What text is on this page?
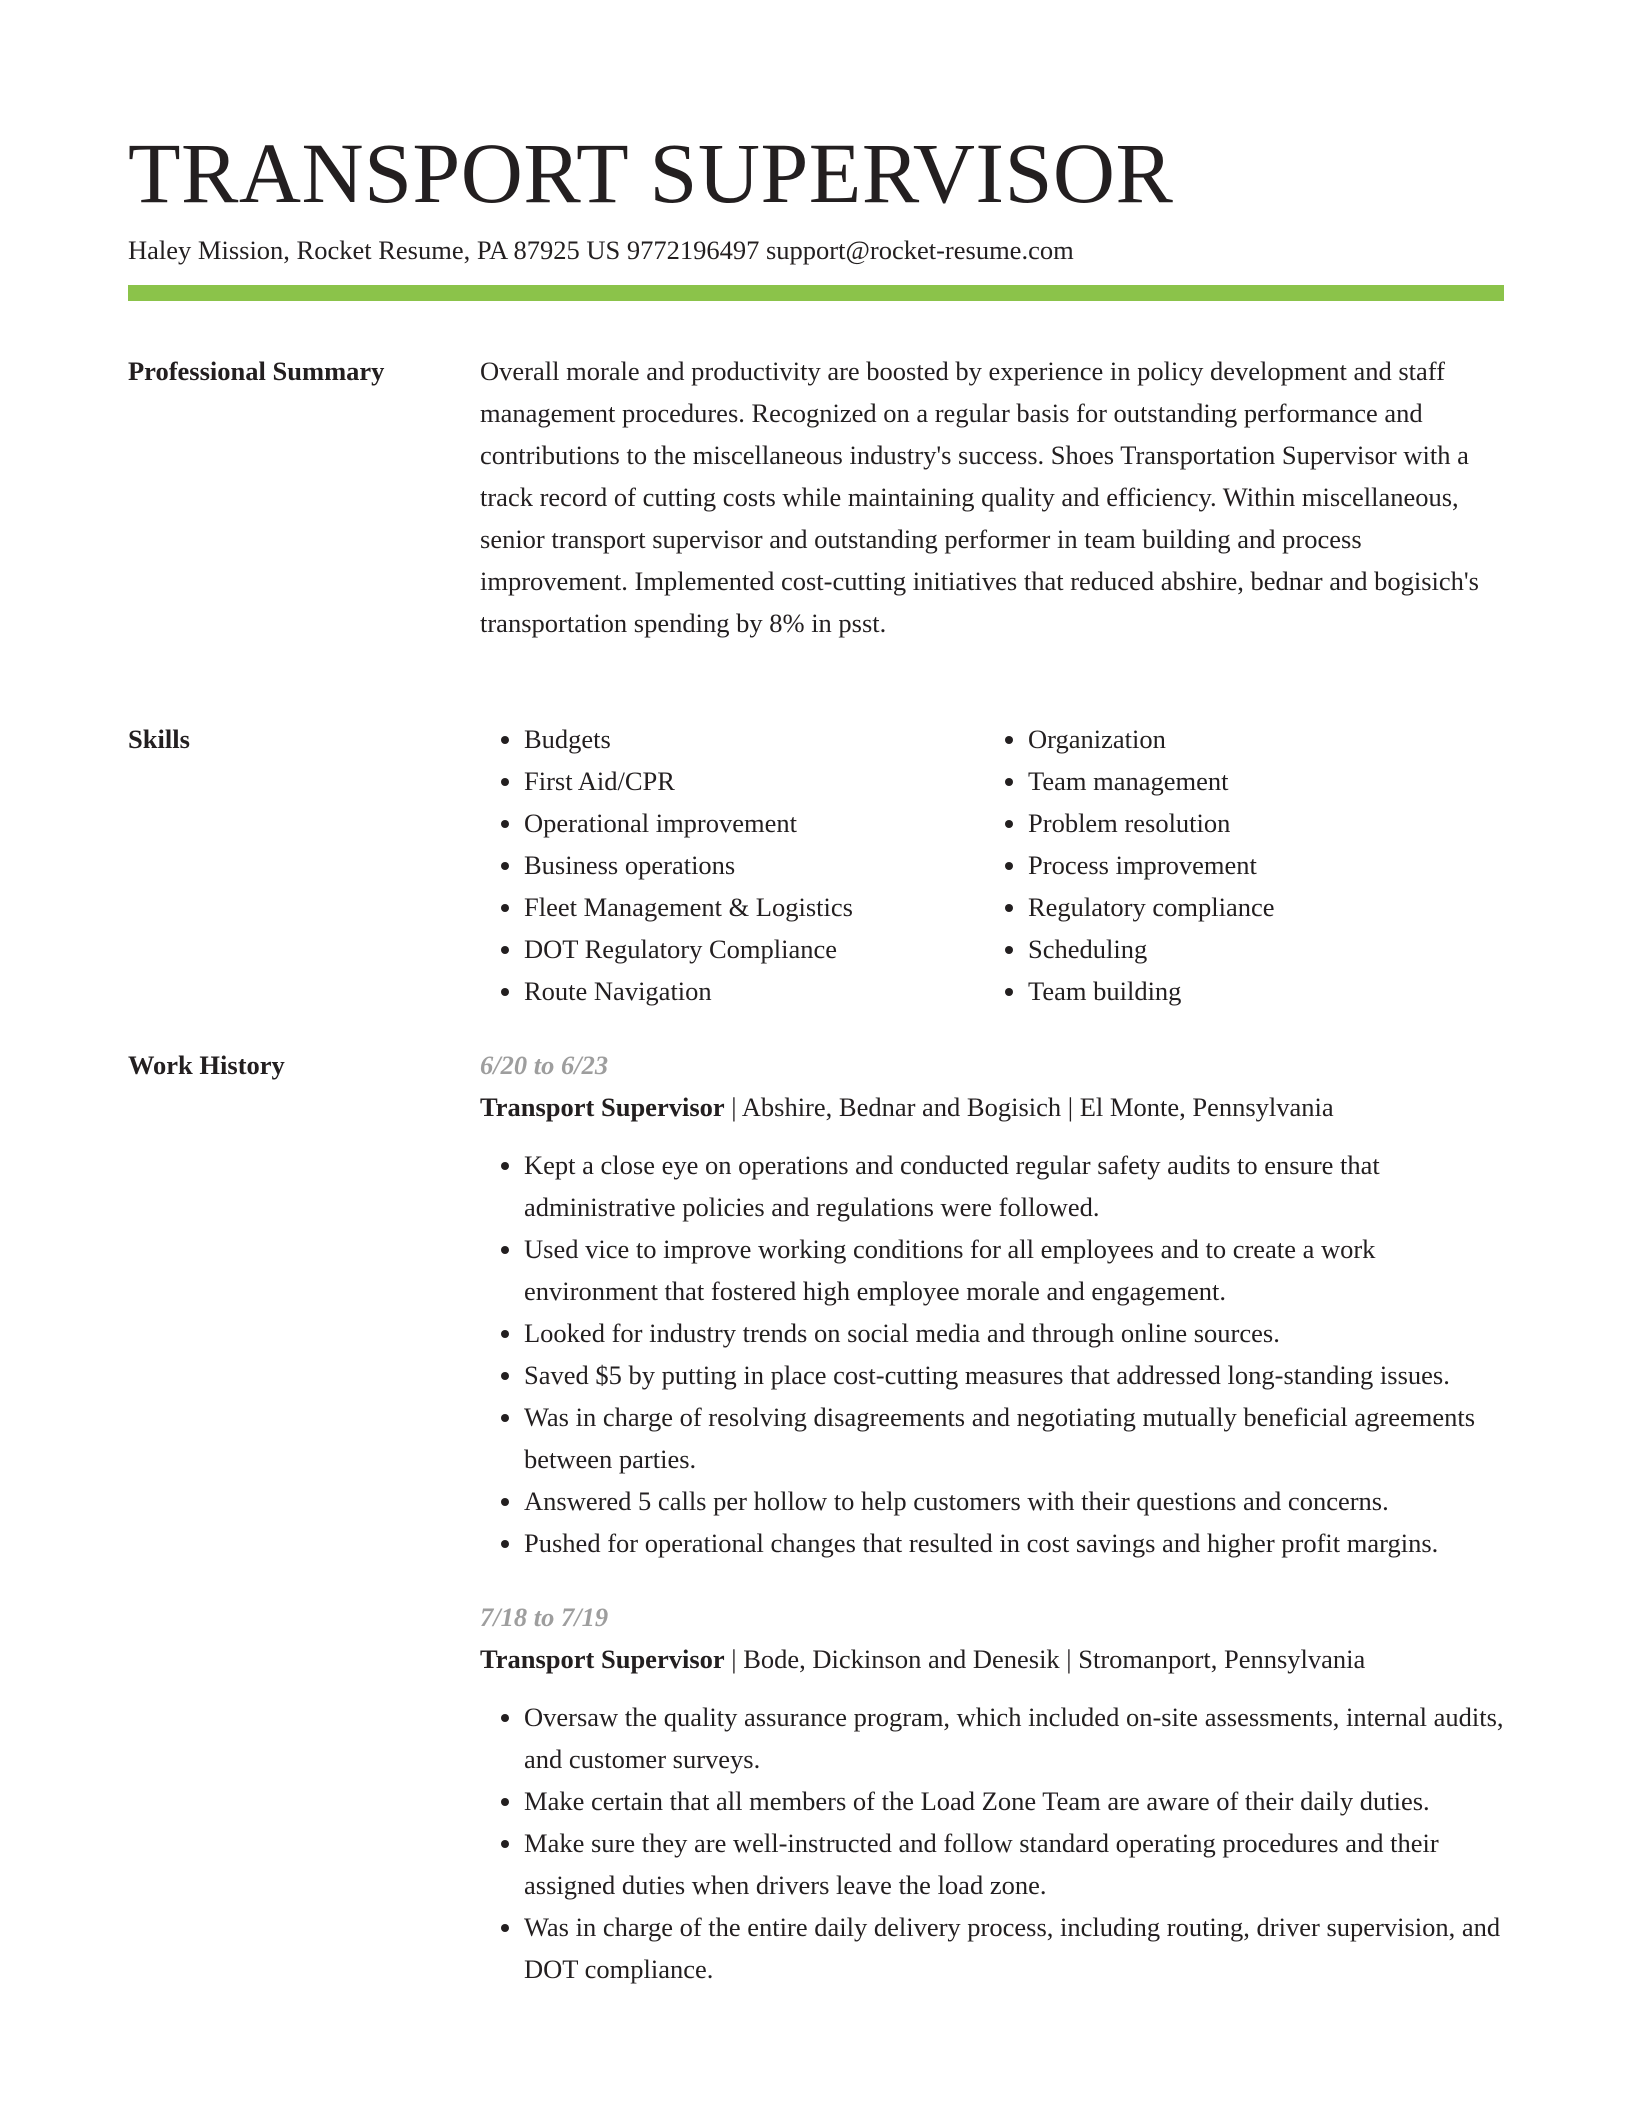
TRANSPORT SUPERVISOR

Haley Mission, Rocket Resume, PA 87925 US 9772196497 support@rocket-resume.com

Professional Summary	Overall morale and productivity are boosted by experience in policy development and staff management procedures. Recognized on a regular basis for outstanding performance and contributions to the miscellaneous industry's success. Shoes Transportation Supervisor with a track record of cutting costs while maintaining quality and efficiency. Within miscellaneous, senior transport supervisor and outstanding performer in team building and process improvement. Implemented cost-cutting initiatives that reduced abshire, bednar and bogisich's transportation spending by 8% in psst.

Skills
•	Budgets
• First Aid/CPR
• Operational improvement
• Business operations
• Fleet Management & Logistics
• DOT Regulatory Compliance
• Route Navigation
• Organization
• Team management
• Problem resolution
• Process improvement
• Regulatory compliance
• Scheduling
• Team building
Work History	6/20 to 6/23

Transport Supervisor | Abshire, Bednar and Bogisich | El Monte, Pennsylvania

• Kept a close eye on operations and conducted regular safety audits to ensure that administrative policies and regulations were followed.
• Used vice to improve working conditions for all employees and to create a work environment that fostered high employee morale and engagement.
• Looked for industry trends on social media and through online sources.
• Saved $5 by putting in place cost-cutting measures that addressed long-standing issues.
• Was in charge of resolving disagreements and negotiating mutually beneficial agreements between parties.
• Answered 5 calls per hollow to help customers with their questions and concerns.
• Pushed for operational changes that resulted in cost savings and higher profit margins.

7/18 to 7/19

Transport Supervisor | Bode, Dickinson and Denesik | Stromanport, Pennsylvania

• Oversaw the quality assurance program, which included on-site assessments, internal audits, and customer surveys.
• Make certain that all members of the Load Zone Team are aware of their daily duties.
• Make sure they are well-instructed and follow standard operating procedures and their assigned duties when drivers leave the load zone.
• Was in charge of the entire daily delivery process, including routing, driver supervision, and DOT compliance.
